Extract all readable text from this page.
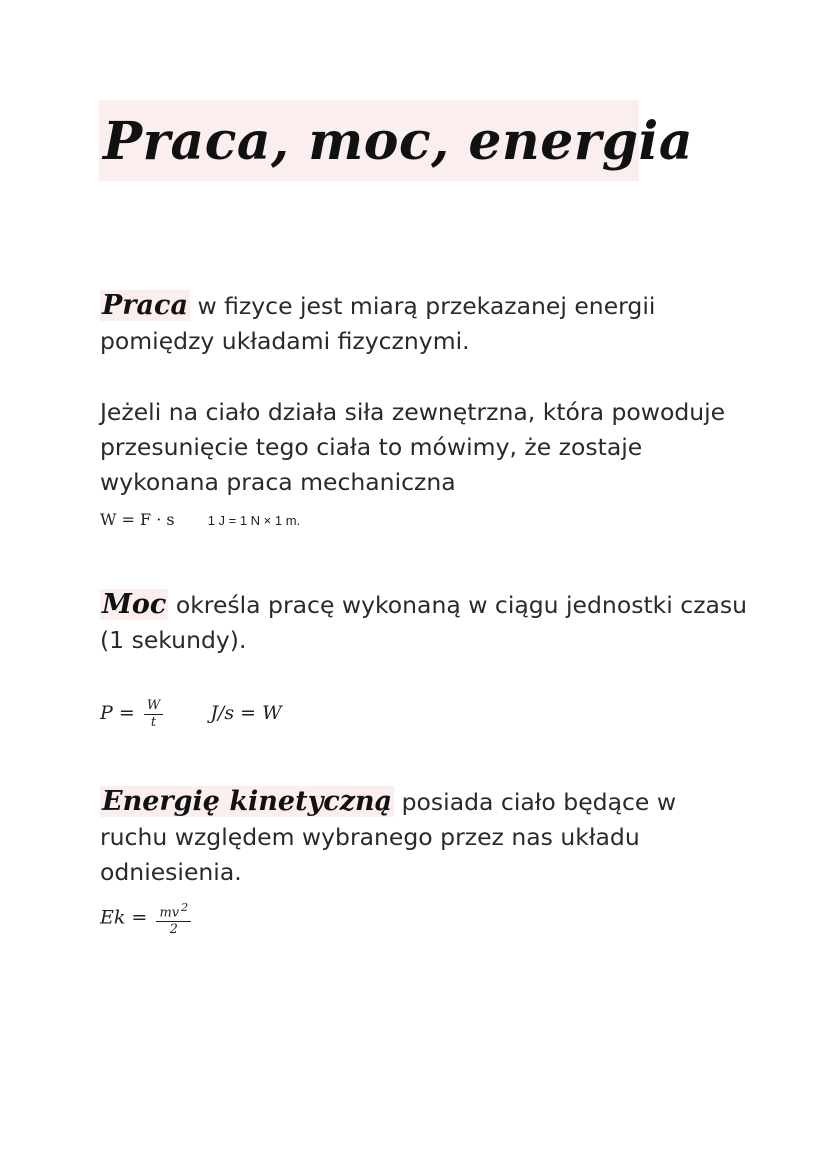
Praca, moc, energia

Praca w fizyce jest miarą przekazanej energii pomiędzy układami fizycznymi.

Jeżeli na ciało działa siła zewnętrzna, która powoduje przesunięcie tego ciała to mówimy, że zostaje wykonana praca mechaniczna

W = F · s	1 J = 1 N × 1 m.

Moc określa pracę wykonaną w ciągu jednostki czasu (1 sekundy).

$P = \frac{W}{t} J/s = W$

Energię kinetyczną posiada ciało będące w ruchu względem wybranego przez nas układu odniesienia.

$Ek = \frac{mv ^2}{2}$
